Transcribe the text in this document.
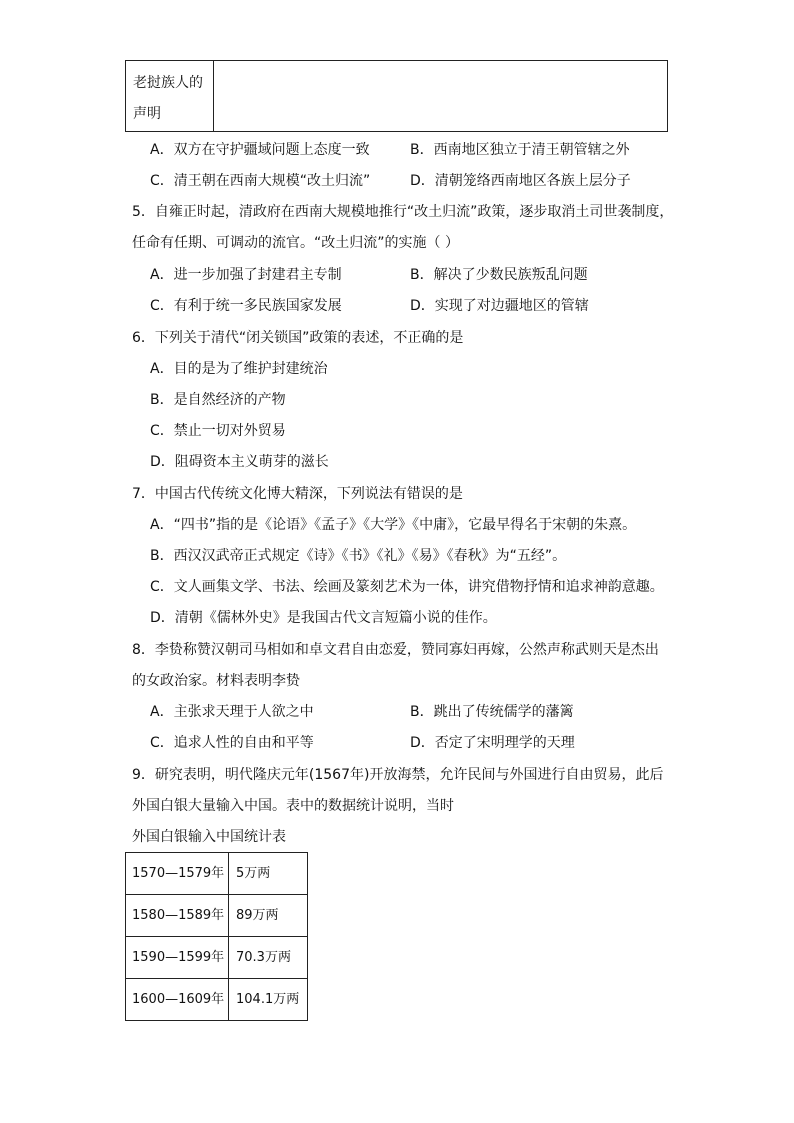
老挝族人的
声明
A．双方在守护疆域问题上态度一致	B．西南地区独立于清王朝管辖之外
C．清王朝在西南大规模“改土归流”	D．清朝笼络西南地区各族上层分子
5．自雍正时起，清政府在西南大规模地推行“改土归流”政策，逐步取消土司世袭制度，
任命有任期、可调动的流官。“改土归流”的实施（ ）
A．进一步加强了封建君主专制	B．解决了少数民族叛乱问题
C．有利于统一多民族国家发展	D．实现了对边疆地区的管辖
6．下列关于清代“闭关锁国”政策的表述，不正确的是
A．目的是为了维护封建统治
B．是自然经济的产物
C．禁止一切对外贸易
D．阻碍资本主义萌芽的滋长
7．中国古代传统文化博大精深，下列说法有错误的是
A．“四书”指的是《论语》《孟子》《大学》《中庸》，它最早得名于宋朝的朱熹。
B．西汉汉武帝正式规定《诗》《书》《礼》《易》《春秋》为“五经”。
C．文人画集文学、书法、绘画及篆刻艺术为一体，讲究借物抒情和追求神韵意趣。
D．清朝《儒林外史》是我国古代文言短篇小说的佳作。
8．李贽称赞汉朝司马相如和卓文君自由恋爱，赞同寡妇再嫁，公然声称武则天是杰出
的女政治家。材料表明李贽
A．主张求天理于人欲之中	B．跳出了传统儒学的藩篱
C．追求人性的自由和平等	D．否定了宋明理学的天理
9．研究表明，明代隆庆元年(1567年)开放海禁，允许民间与外国进行自由贸易，此后
外国白银大量输入中国。表中的数据统计说明，当时
外国白银输入中国统计表
1570—1579年 5万两
1580—1589年 89万两
1590—1599年 70.3万两
1600—1609年 104.1万两
